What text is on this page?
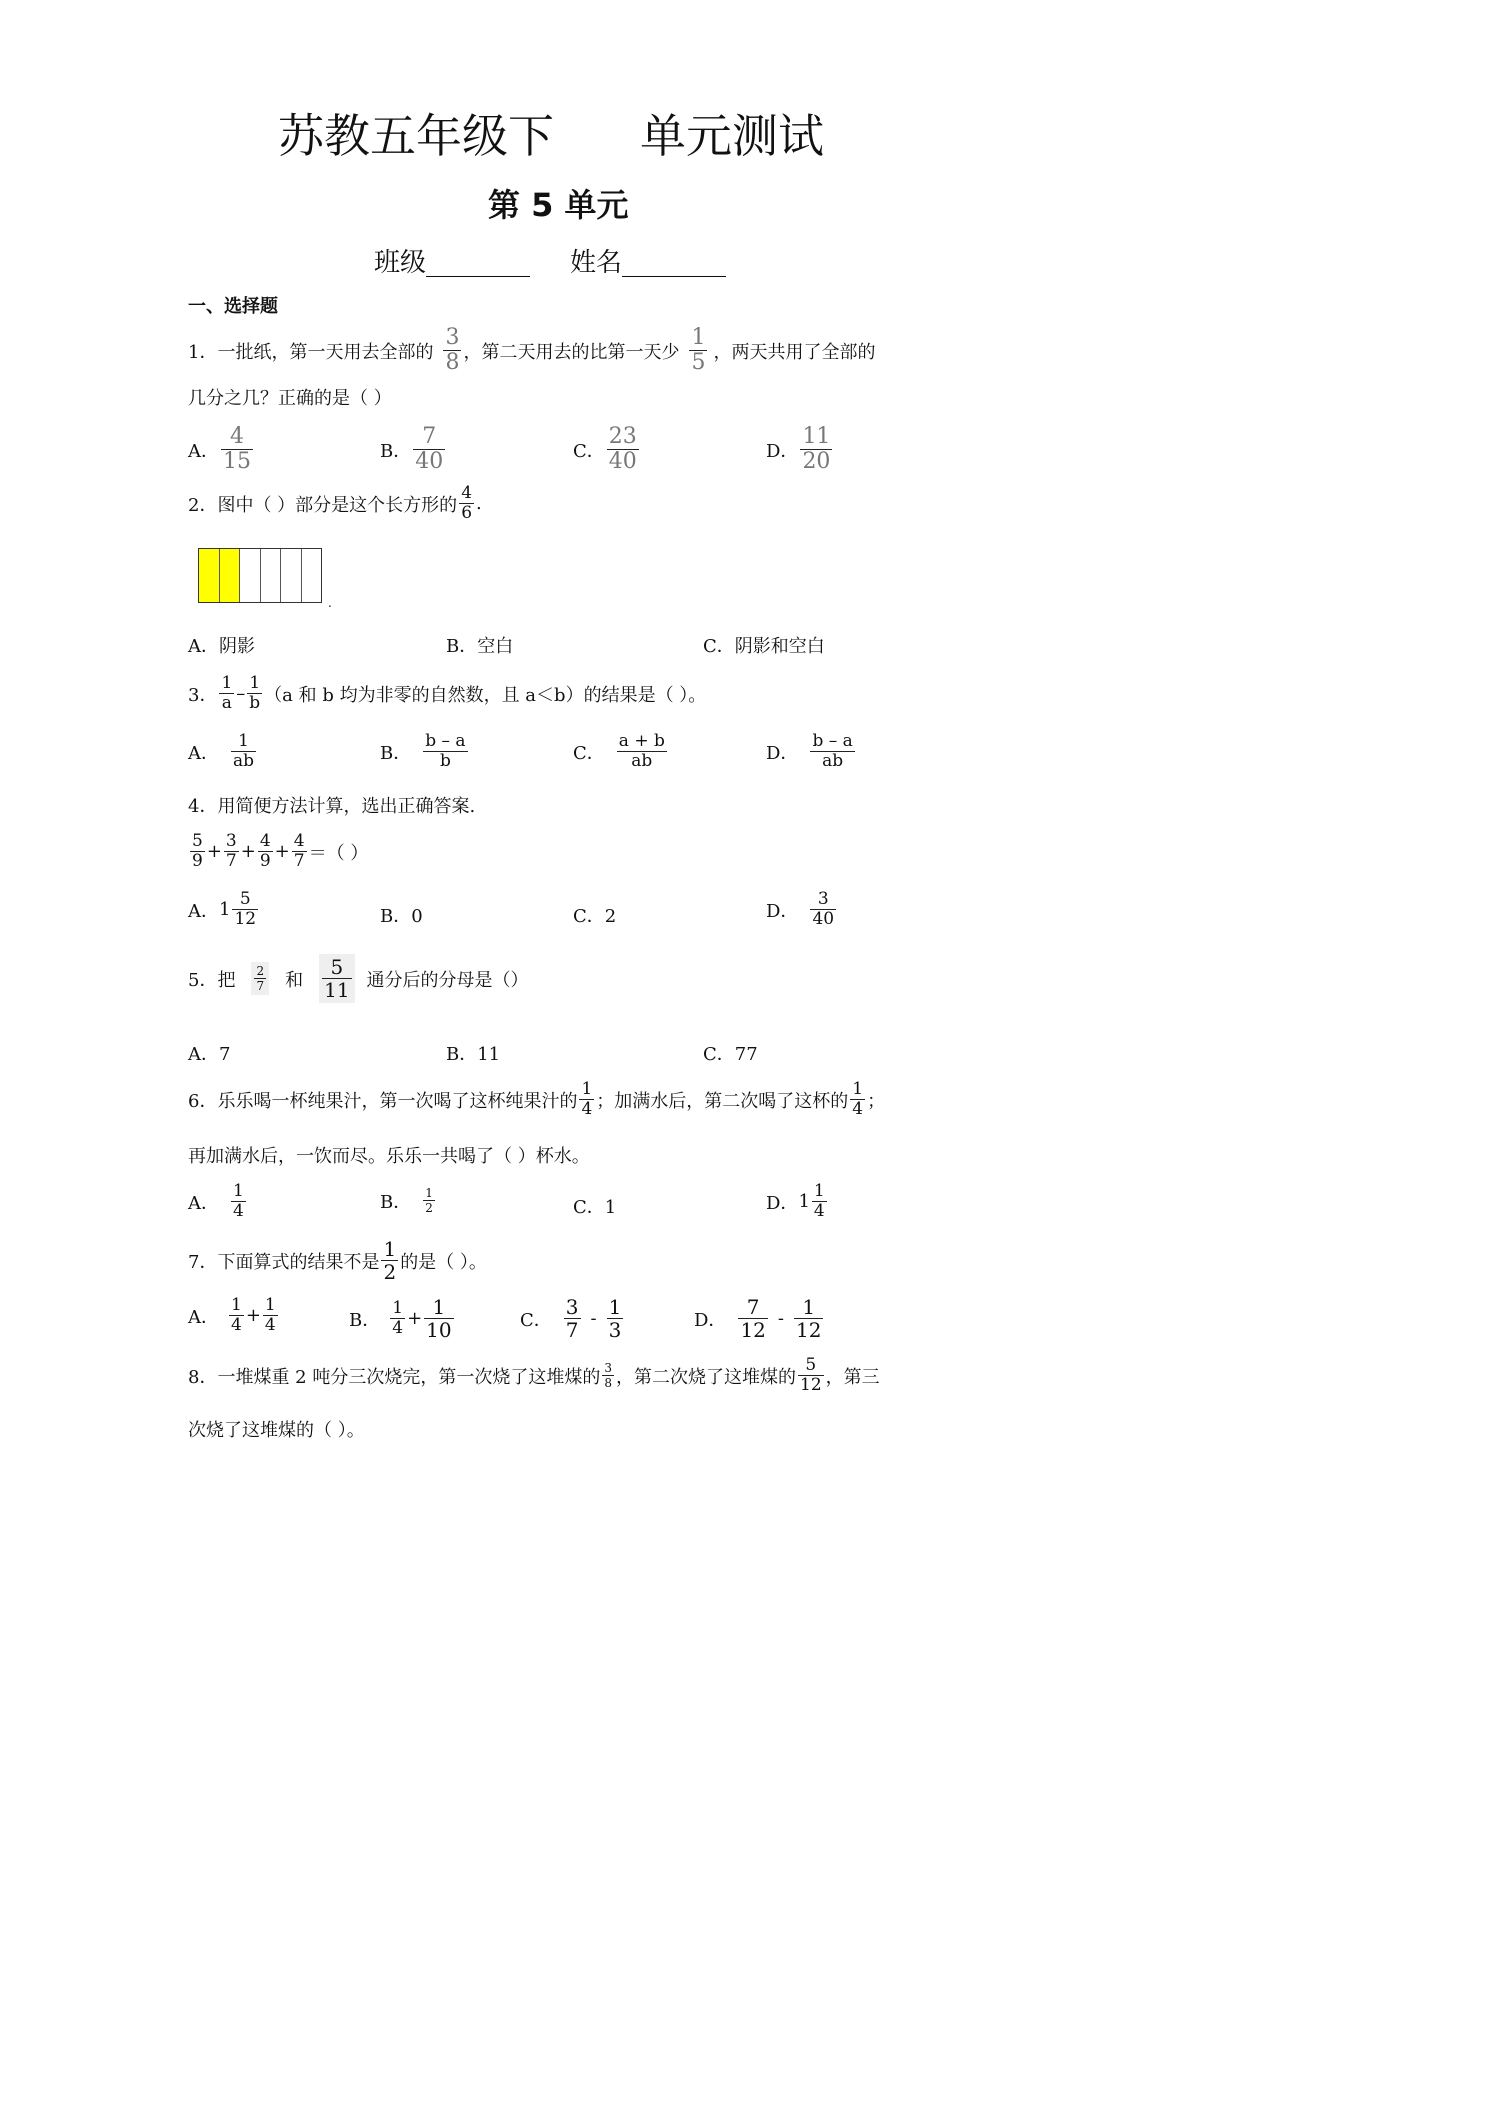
苏教五年级下 单元测试
第 5 单元
班级________ 姓名________
一、选择题
1． 一批纸，第一天用去全部的 $\frac{3}{8}$ ，第二天用去的比第一天少 $\frac{1}{5}$ ，两天共用了全部的
几分之几？正确的是（ ）
A． $\frac{4}{15}$	B． $\frac{7}{40}$	C． $\frac{23}{40}$	D． $\frac{11}{20}$
2． 图中（ ）部分是这个长方形的 $\frac{4}{6}$ .
.
A．阴影	B．空白	C．阴影和空白
3． $\frac{1}{a} - \frac{1}{b} (a$ 和 b 均为非零的自然数，且 a＜b）的结果是（ ）。
A． $\frac{1}{ab}$	B． $\frac{b - a}{b}$	C． $\frac{a + b}{ab}$	D． $\frac{b - a}{ab}$
4． 用简便方法计算，选出正确答案.
$\frac{5}{9} + \frac{3}{7} + \frac{4}{9} + \frac{4}{7}$ ＝（ ）
A． $1 \frac{5}{12}$	B．0	C．2	D． $\frac{3}{40}$
5． 把 $\frac{2}{7}$ 和 $\frac{5}{11}$ 通分后的分母是（）
A．7	B．11	C．77
6． 乐乐喝一杯纯果汁，第一次喝了这杯纯果汁的 $\frac{1}{4}$ ；加满水后，第二次喝了这杯的 $\frac{1}{4}$ ；
再加满水后，一饮而尽。乐乐一共喝了（ ）杯水。
A． $\frac{1}{4}$	B． $\frac{1}{2}$	C．1	D． $1 \frac{1}{4}$
7． 下面算式的结果不是 $\frac{1}{2}$ 的是（ ）。
A． $\frac{1}{4} + \frac{1}{4}$	B． $\frac{1}{4} + \frac{1}{10}$	C． $\frac{3}{7} - \frac{1}{3}$	D． $\frac{7}{12} - \frac{1}{12}$
8． 一堆煤重 2 吨分三次烧完，第一次烧了这堆煤的 $\frac{3}{8}$ ，第二次烧了这堆煤的 $\frac{5}{12}$ ，第三
次烧了这堆煤的（ ）。
